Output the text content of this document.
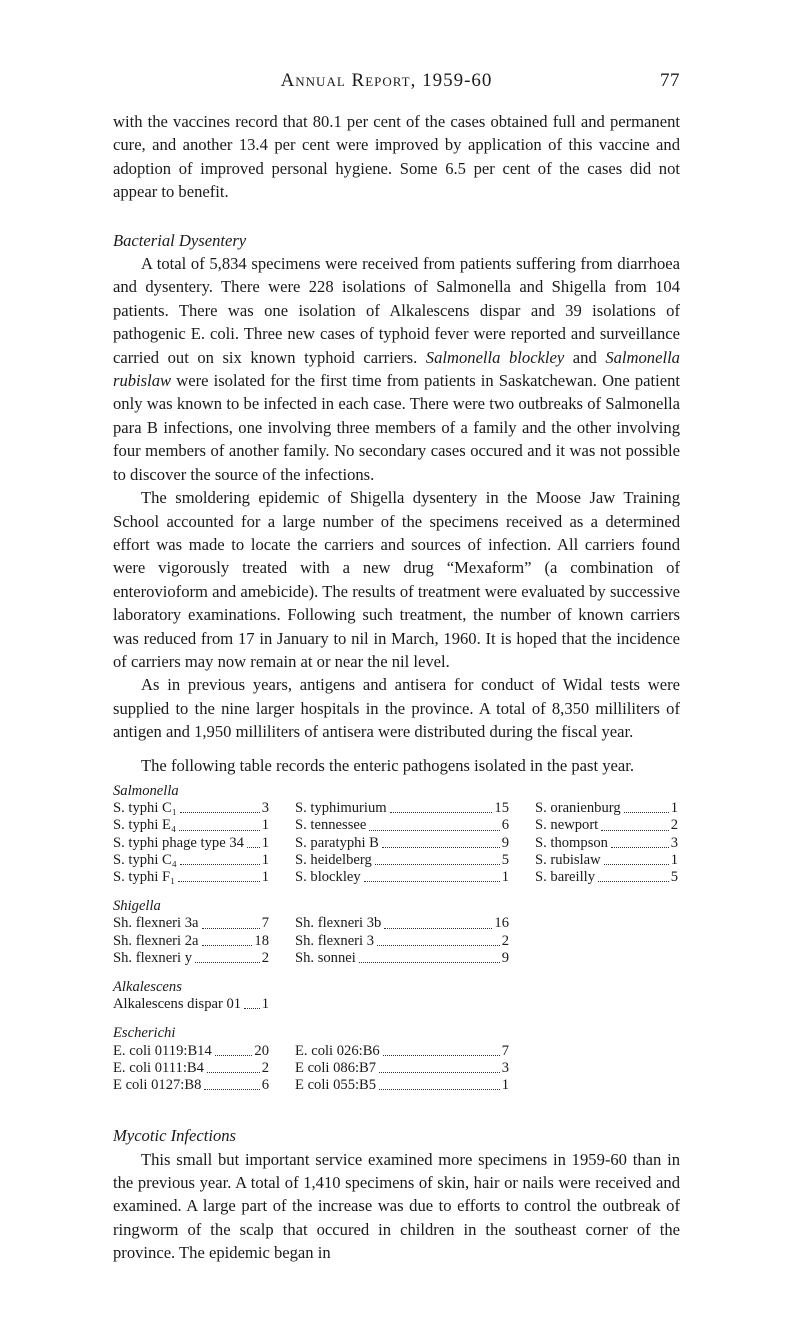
Annual Report, 1959-60	77

with the vaccines record that 80.1 per cent of the cases obtained full and permanent cure, and another 13.4 per cent were improved by application of this vaccine and adoption of improved personal hygiene. Some 6.5 per cent of the cases did not appear to benefit.

Bacterial Dysentery

A total of 5,834 specimens were received from patients suffering from diarrhoea and dysentery. There were 228 isolations of Salmonella and Shigella from 104 patients. There was one isolation of Alkalescens dispar and 39 isolations of pathogenic E. coli. Three new cases of typhoid fever were reported and surveillance carried out on six known typhoid carriers. Salmonella blockley and Salmonella rubislaw were isolated for the first time from patients in Saskatchewan. One patient only was known to be infected in each case. There were two outbreaks of Salmonella para B infections, one involving three members of a family and the other involving four members of another family. No secondary cases occured and it was not possible to discover the source of the infections.

The smoldering epidemic of Shigella dysentery in the Moose Jaw Training School accounted for a large number of the specimens received as a determined effort was made to locate the carriers and sources of infection. All carriers found were vigorously treated with a new drug “Mexaform” (a combination of enterovioform and amebicide). The results of treatment were evaluated by successive laboratory examinations. Following such treatment, the number of known carriers was reduced from 17 in January to nil in March, 1960. It is hoped that the incidence of carriers may now remain at or near the nil level.

As in previous years, antigens and antisera for conduct of Widal tests were supplied to the nine larger hospitals in the province. A total of 8,350 milliliters of antigen and 1,950 milliliters of antisera were distributed during the fiscal year.

The following table records the enteric pathogens isolated in the past year.

Salmonella
S. typhi C₁	3 S. typhimurium	15 S. oranienburg	1
S. typhi E₄	1 S. tennessee	6 S. newport	2
S. typhi phage type 34 1 S. paratyphi B	9 S. thompson	3
S. typhi C₄	1 S. heidelberg	5 S. rubislaw	1
S. typhi F₁	1 S. blockley	1 S. bareilly	5
Shigella
Sh. flexneri 3a	7 Sh. flexneri 3b	16
Sh. flexneri 2a	18 Sh. flexneri 3	2
Sh. flexneri y	2 Sh. sonnei	9
Alkalescens
Alkalescens dispar 01 1
Escherichi
E. coli 0119:B14	20 E. coli 026:B6	7
E. coli 0111:B4	2 E coli 086:B7	3
E coli 0127:B8	6 E coli 055:B5	1

Mycotic Infections

This small but important service examined more specimens in 1959-60 than in the previous year. A total of 1,410 specimens of skin, hair or nails were received and examined. A large part of the increase was due to efforts to control the outbreak of ringworm of the scalp that occured in children in the southeast corner of the province. The epidemic began in
